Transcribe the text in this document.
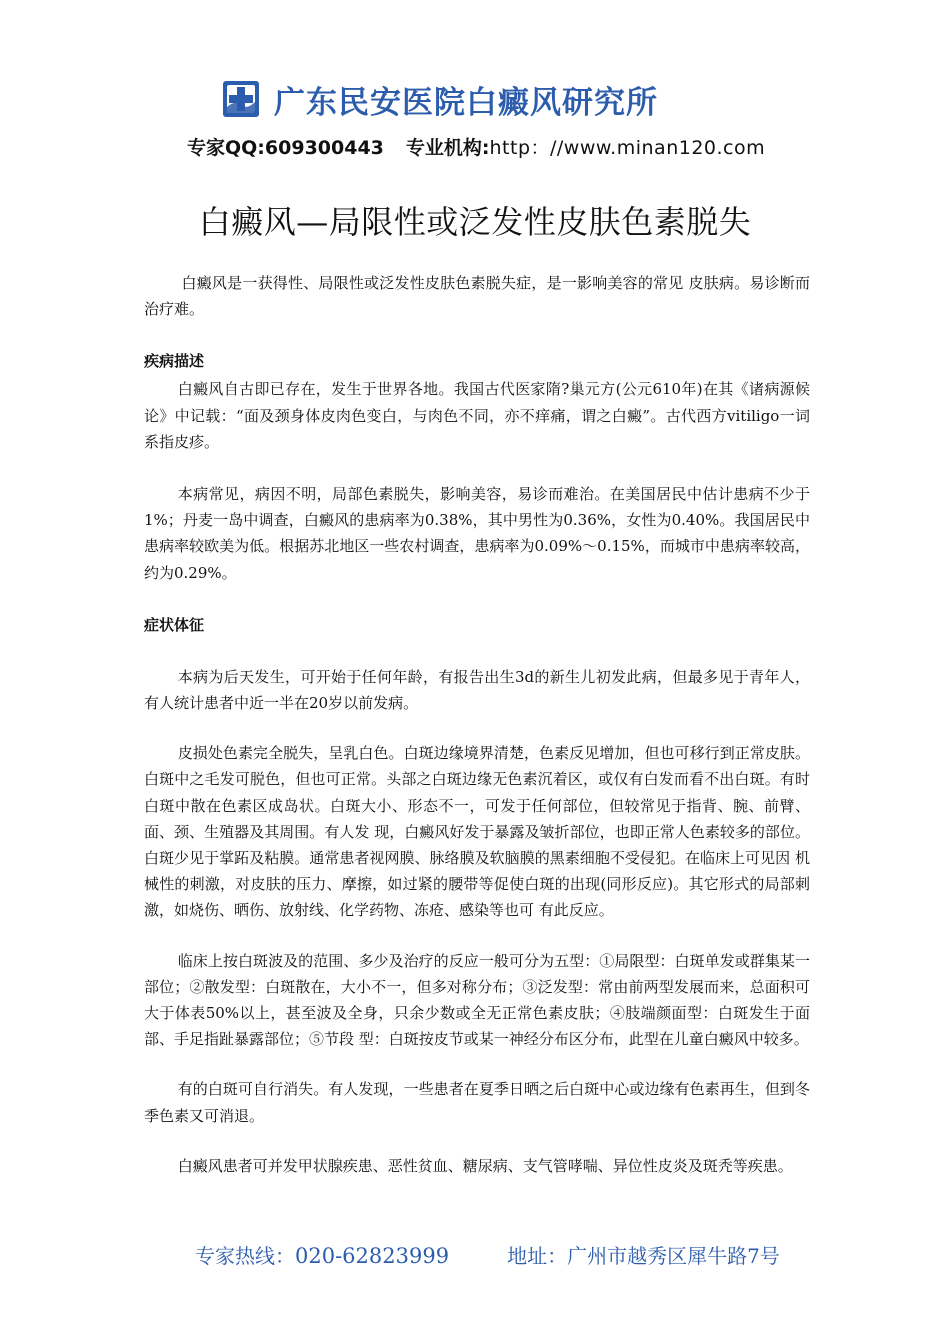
广东民安医院白癜风研究所
专家QQ:609300443 专业机构:http：//www.minan120.com
白癜风—局限性或泛发性皮肤色素脱失

白癜风是一获得性、局限性或泛发性皮肤色素脱失症，是一影响美容的常见 皮肤病。易诊断而治疗难。

疾病描述

白癜风自古即已存在，发生于世界各地。我国古代医家隋?巢元方(公元610年)在其《诸病源候论》中记载：“面及颈身体皮肉色变白，与肉色不同，亦不痒痛，谓之白癜”。古代西方vitiligo一词系指皮疹。

本病常见，病因不明，局部色素脱失，影响美容，易诊而难治。在美国居民中估计患病不少于1%；丹麦一岛中调查，白癜风的患病率为0.38%，其中男性为0.36%，女性为0.40%。我国居民中患病率较欧美为低。根据苏北地区一些农村调查，患病率为0.09%～0.15%，而城市中患病率较高，约为0.29%。

症状体征

本病为后天发生，可开始于任何年龄，有报告出生3d的新生儿初发此病，但最多见于青年人，有人统计患者中近一半在20岁以前发病。

皮损处色素完全脱失，呈乳白色。白斑边缘境界清楚，色素反见增加，但也可移行到正常皮肤。白斑中之毛发可脱色，但也可正常。头部之白斑边缘无色素沉着区，或仅有白发而看不出白斑。有时白斑中散在色素区成岛状。白斑大小、形态不一，可发于任何部位，但较常见于指背、腕、前臂、面、颈、生殖器及其周围。有人发 现，白癜风好发于暴露及皱折部位，也即正常人色素较多的部位。白斑少见于掌跖及粘膜。通常患者视网膜、脉络膜及软脑膜的黑素细胞不受侵犯。在临床上可见因 机械性的刺激，对皮肤的压力、摩擦，如过紧的腰带等促使白斑的出现(同形反应)。其它形式的局部刺激，如烧伤、晒伤、放射线、化学药物、冻疮、感染等也可 有此反应。

临床上按白斑波及的范围、多少及治疗的反应一般可分为五型：①局限型：白斑单发或群集某一部位；②散发型：白斑散在，大小不一，但多对称分布；③泛发型：常由前两型发展而来，总面积可大于体表50%以上，甚至波及全身，只余少数或全无正常色素皮肤；④肢端颜面型：白斑发生于面部、手足指趾暴露部位；⑤节段 型：白斑按皮节或某一神经分布区分布，此型在儿童白癜风中较多。

有的白斑可自行消失。有人发现，一些患者在夏季日晒之后白斑中心或边缘有色素再生，但到冬季色素又可消退。

白癜风患者可并发甲状腺疾患、恶性贫血、糖尿病、支气管哮喘、异位性皮炎及斑秃等疾患。

专家热线：020-62823999	地址：广州市越秀区犀牛路7号
